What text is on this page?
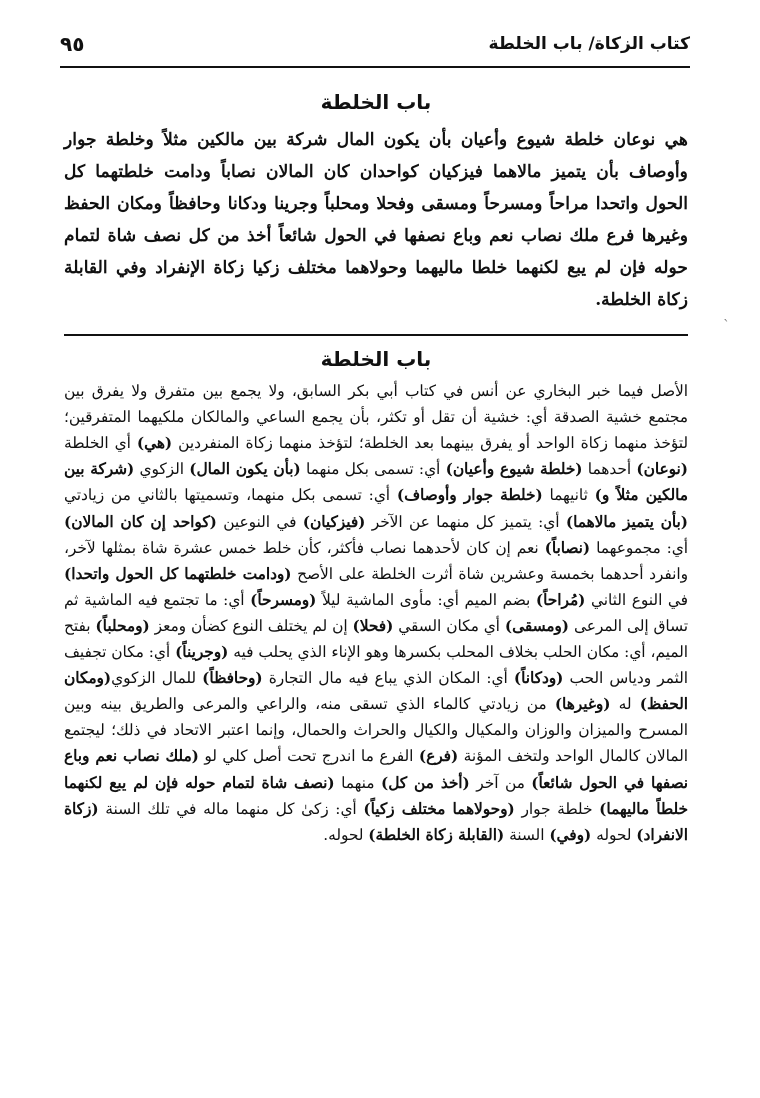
كتاب الزكاة/ باب الخلطة
٩٥
باب الخلطة

هي نوعان خلطة شيوع وأعيان بأن يكون المال شركة بين مالكين مثلاً وخلطة جوار وأوصاف بأن يتميز مالاهما فيزكيان كواحدان كان المالان نصاباً ودامت خلطتهما كل الحول واتحدا مراحاً ومسرحاً ومسقى وفحلا ومحلباً وجرينا ودكانا وحافظاً ومكان الحفظ وغيرها فرع ملك نصاب نعم وباع نصفها في الحول شائعاً أخذ من كل نصف شاة لتمام حوله فإن لم يبع لكنهما خلطا ماليهما وحولاهما مختلف زكيا زكاة الإنفراد وفي القابلة زكاة الخلطة.

ˋ
باب الخلطة

الأصل فيما خبر البخاري عن أنس في كتاب أبي بكر السابق، ولا يجمع بين متفرق ولا يفرق بين مجتمع خشية الصدقة أي: خشية أن تقل أو تكثر، بأن يجمع الساعي والمالكان ملكيهما المتفرقين؛ لتؤخذ منهما زكاة الواحد أو يفرق بينهما بعد الخلطة؛ لتؤخذ منهما زكاة المنفردين (هي) أي الخلطة (نوعان) أحدهما (خلطة شيوع وأعيان) أي: تسمى بكل منهما (بأن يكون المال) الزكوي (شركة بين مالكين مثلاً و) ثانيهما (خلطة جوار وأوصاف) أي: تسمى بكل منهما، وتسميتها بالثاني من زيادتي (بأن يتميز مالاهما) أي: يتميز كل منهما عن الآخر (فيزكيان) في النوعين (كواحد إن كان المالان) أي: مجموعهما (نصاباً) نعم إن كان لأحدهما نصاب فأكثر، كأن خلط خمس عشرة شاة بمثلها لآخر، وانفرد أحدهما بخمسة وعشرين شاة أثرت الخلطة على الأصح (ودامت خلطتهما كل الحول واتحدا) في النوع الثاني (مُراحاً) بضم الميم أي: مأوى الماشية ليلاً (ومسرحاً) أي: ما تجتمع فيه الماشية ثم تساق إلى المرعى (ومسقى) أي مكان السقي (فحلا) إن لم يختلف النوع كضأن ومعز (ومحلباً) بفتح الميم، أي: مكان الحلب بخلاف المحلب بكسرها وهو الإناء الذي يحلب فيه (وجريناً) أي: مكان تجفيف الثمر ودياس الحب (ودكاناً) أي: المكان الذي يباع فيه مال التجارة (وحافظاً) للمال الزكوي(ومكان الحفظ) له (وغيرها) من زيادتي كالماء الذي تسقى منه، والراعي والمرعى والطريق بينه وبين المسرح والميزان والوزان والمكيال والكيال والحراث والحمال، وإنما اعتبر الاتحاد في ذلك؛ ليجتمع المالان كالمال الواحد ولتخف المؤنة (فرع) الفرع ما اندرج تحت أصل كلي لو (ملك نصاب نعم وباع نصفها في الحول شائعاً) من آخر (أخذ من كل) منهما (نصف شاة لتمام حوله فإن لم يبع لكنهما خلطاً ماليهما) خلطة جوار (وحولاهما مختلف زكياً) أي: زكىٰ كل منهما ماله في تلك السنة (زكاة الانفراد) لحوله (وفي) السنة (القابلة زكاة الخلطة) لحوله.
